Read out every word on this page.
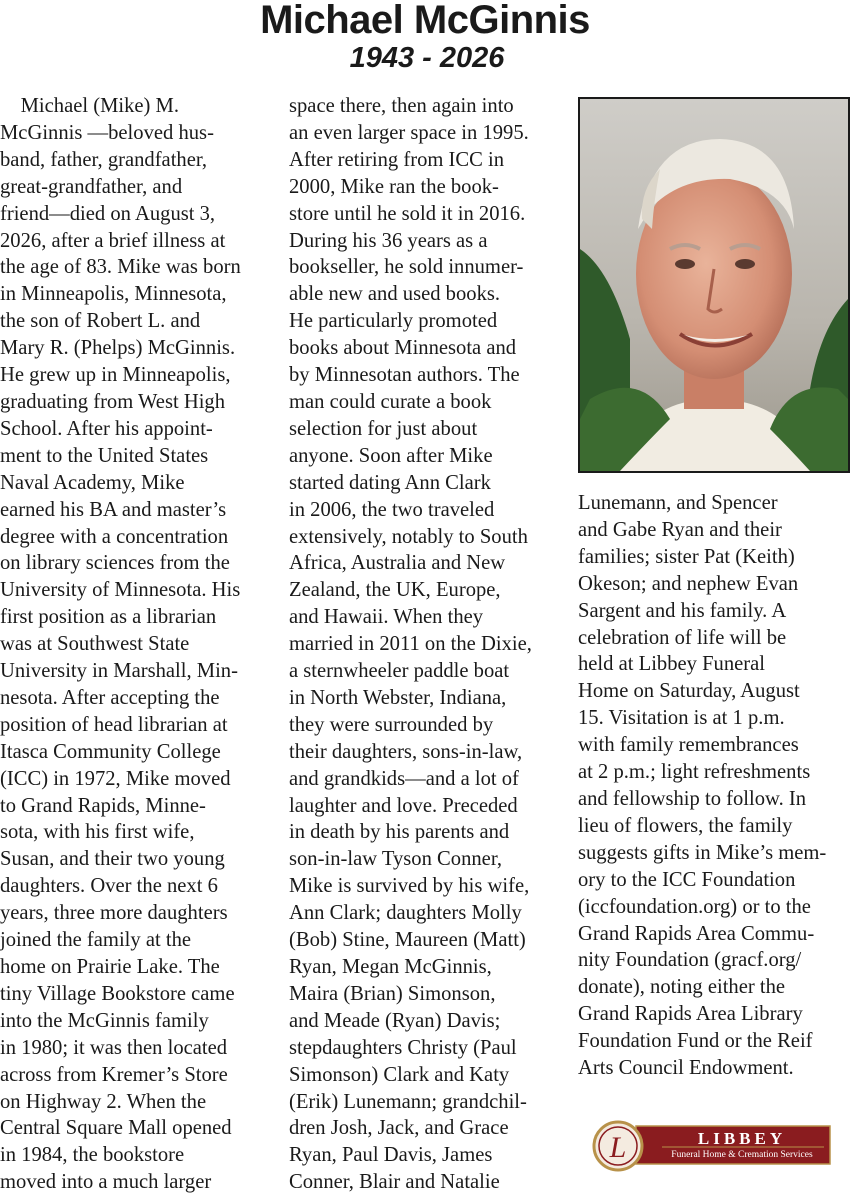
Michael McGinnis
1943 - 2026
Michael (Mike) M.
McGinnis —beloved hus-
band, father, grandfather,
great-grandfather, and
friend—died on August 3,
2026, after a brief illness at
the age of 83. Mike was born
in Minneapolis, Minnesota,
the son of Robert L. and
Mary R. (Phelps) McGinnis.
He grew up in Minneapolis,
graduating from West High
School. After his appoint-
ment to the United States
Naval Academy, Mike
earned his BA and master’s
degree with a concentration
on library sciences from the
University of Minnesota. His
first position as a librarian
was at Southwest State
University in Marshall, Min-
nesota. After accepting the
position of head librarian at
Itasca Community College
(ICC) in 1972, Mike moved
to Grand Rapids, Minne-
sota, with his first wife,
Susan, and their two young
daughters. Over the next 6
years, three more daughters
joined the family at the
home on Prairie Lake. The
tiny Village Bookstore came
into the McGinnis family
in 1980; it was then located
across from Kremer’s Store
on Highway 2. When the
Central Square Mall opened
in 1984, the bookstore
moved into a much larger
space there, then again into
an even larger space in 1995.
After retiring from ICC in
2000, Mike ran the book-
store until he sold it in 2016.
During his 36 years as a
bookseller, he sold innumer-
able new and used books.
He particularly promoted
books about Minnesota and
by Minnesotan authors. The
man could curate a book
selection for just about
anyone. Soon after Mike
started dating Ann Clark
in 2006, the two traveled
extensively, notably to South
Africa, Australia and New
Zealand, the UK, Europe,
and Hawaii. When they
married in 2011 on the Dixie,
a sternwheeler paddle boat
in North Webster, Indiana,
they were surrounded by
their daughters, sons-in-law,
and grandkids—and a lot of
laughter and love. Preceded
in death by his parents and
son-in-law Tyson Conner,
Mike is survived by his wife,
Ann Clark; daughters Molly
(Bob) Stine, Maureen (Matt)
Ryan, Megan McGinnis,
Maira (Brian) Simonson,
and Meade (Ryan) Davis;
stepdaughters Christy (Paul
Simonson) Clark and Katy
(Erik) Lunemann; grandchil-
dren Josh, Jack, and Grace
Ryan, Paul Davis, James
Conner, Blair and Natalie
Lunemann, and Spencer
and Gabe Ryan and their
families; sister Pat (Keith)
Okeson; and nephew Evan
Sargent and his family. A
celebration of life will be
held at Libbey Funeral
Home on Saturday, August
15. Visitation is at 1 p.m.
with family remembrances
at 2 p.m.; light refreshments
and fellowship to follow. In
lieu of flowers, the family
suggests gifts in Mike’s mem-
ory to the ICC Foundation
(iccfoundation.org) or to the
Grand Rapids Area Commu-
nity Foundation (gracf.org/
donate), noting either the
Grand Rapids Area Library
Foundation Fund or the Reif
Arts Council Endowment.
L	LIBBEY
Funeral Home & Cremation Services
